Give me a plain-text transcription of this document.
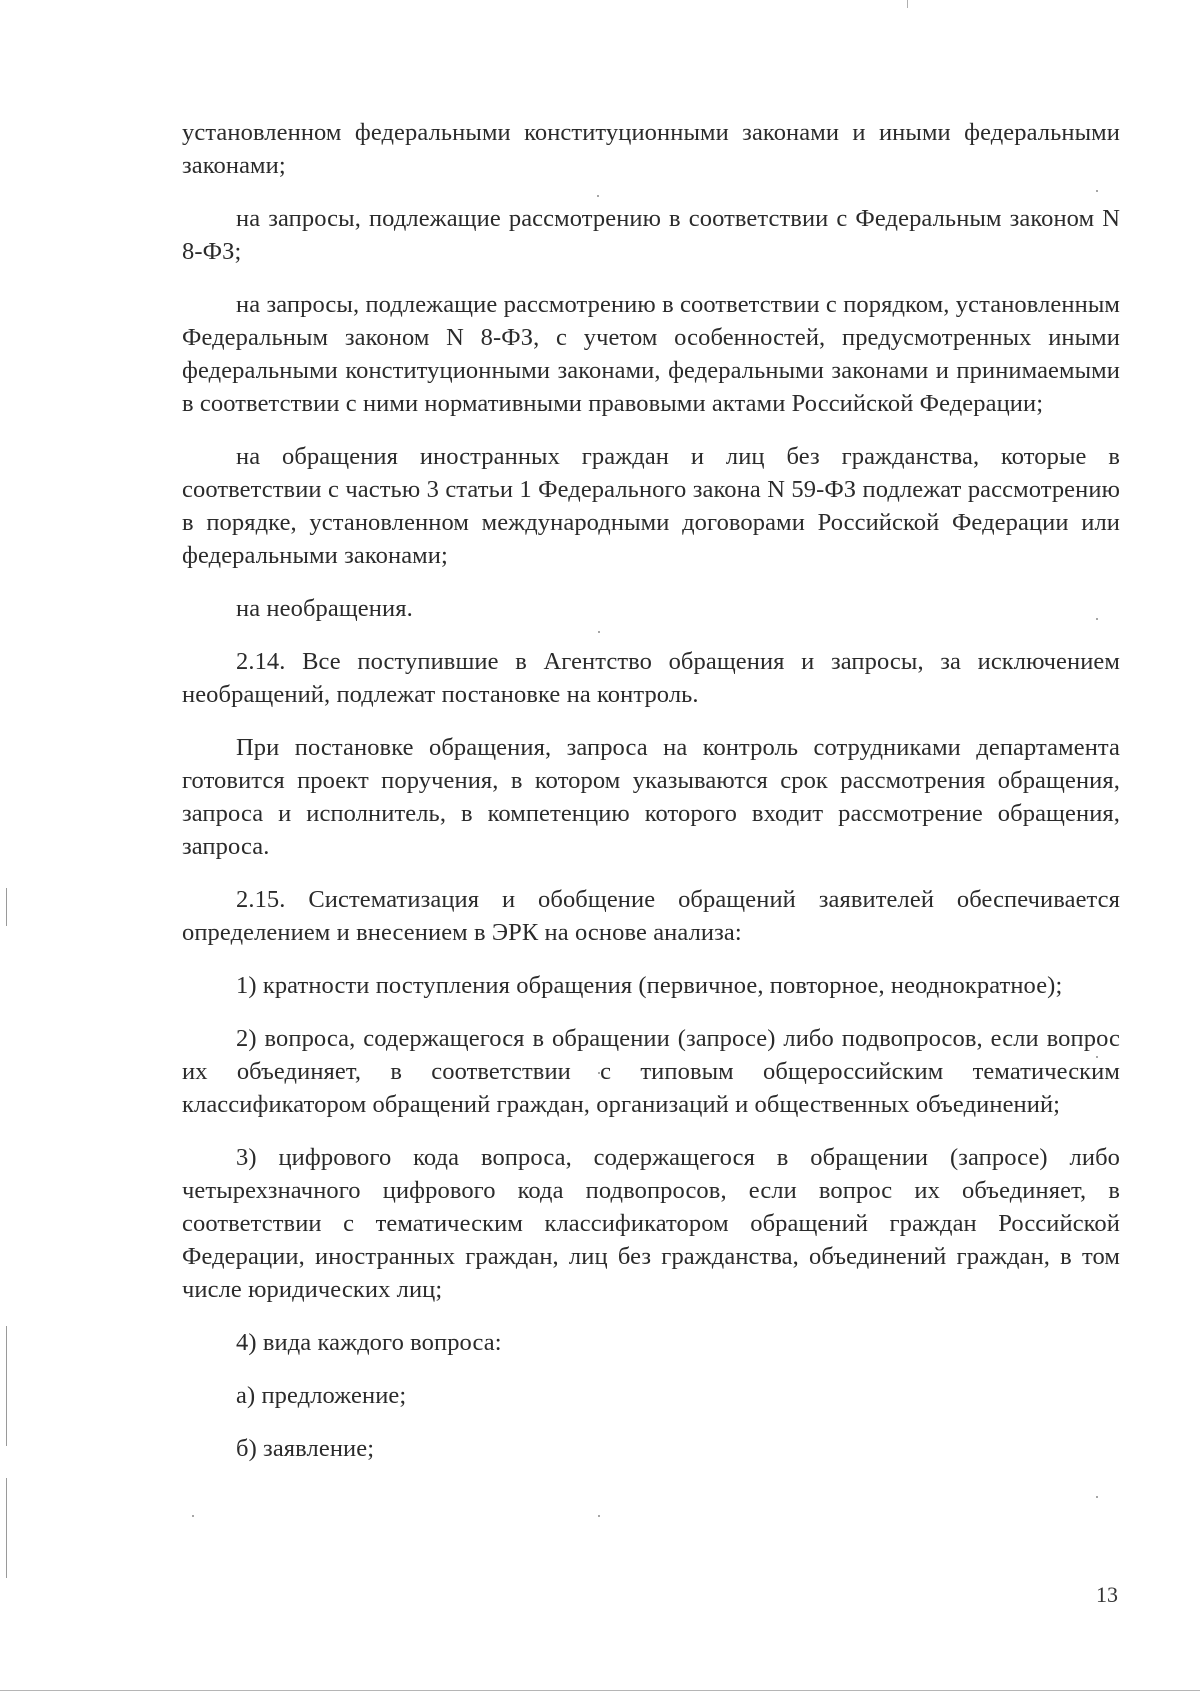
установленном федеральными конституционными законами и иными федеральными законами;

на запросы, подлежащие рассмотрению в соответствии с Федеральным законом N 8-ФЗ;

на запросы, подлежащие рассмотрению в соответствии с порядком, установленным Федеральным законом N 8-ФЗ, с учетом особенностей, предусмотренных иными федеральными конституционными законами, федеральными законами и принимаемыми в соответствии с ними нормативными правовыми актами Российской Федерации;

на обращения иностранных граждан и лиц без гражданства, которые в соответствии с частью 3 статьи 1 Федерального закона N 59-ФЗ подлежат рассмотрению в порядке, установленном международными договорами Российской Федерации или федеральными законами;

на необращения.

2.14. Все поступившие в Агентство обращения и запросы, за исключением необращений, подлежат постановке на контроль.

При постановке обращения, запроса на контроль сотрудниками департамента готовится проект поручения, в котором указываются срок рассмотрения обращения, запроса и исполнитель, в компетенцию которого входит рассмотрение обращения, запроса.

2.15. Систематизация и обобщение обращений заявителей обеспечивается определением и внесением в ЭРК на основе анализа:

1) кратности поступления обращения (первичное, повторное, неоднократное);

2) вопроса, содержащегося в обращении (запросе) либо подвопросов, если вопрос их объединяет, в соответствии с типовым общероссийским тематическим классификатором обращений граждан, организаций и общественных объединений;

3) цифрового кода вопроса, содержащегося в обращении (запросе) либо четырехзначного цифрового кода подвопросов, если вопрос их объединяет, в соответствии с тематическим классификатором обращений граждан Российской Федерации, иностранных граждан, лиц без гражданства, объединений граждан, в том числе юридических лиц;

4) вида каждого вопроса:

а) предложение;

б) заявление;

13
